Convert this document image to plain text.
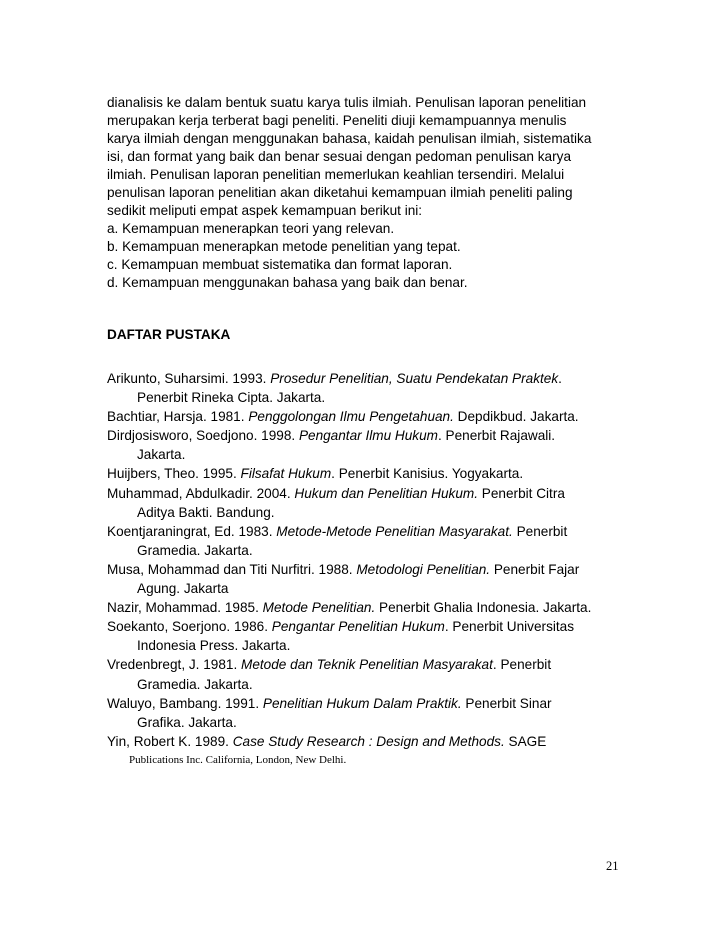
dianalisis ke dalam bentuk suatu karya tulis ilmiah. Penulisan laporan penelitian
merupakan kerja terberat bagi peneliti. Peneliti diuji kemampuannya menulis
karya ilmiah dengan menggunakan bahasa, kaidah penulisan ilmiah, sistematika
isi, dan format yang baik dan benar sesuai dengan pedoman penulisan karya
ilmiah. Penulisan laporan penelitian memerlukan keahlian tersendiri. Melalui
penulisan laporan penelitian akan diketahui kemampuan ilmiah peneliti paling
sedikit meliputi empat aspek kemampuan berikut ini:
a. Kemampuan menerapkan teori yang relevan.
b. Kemampuan menerapkan metode penelitian yang tepat.
c. Kemampuan membuat sistematika dan format laporan.
d. Kemampuan menggunakan bahasa yang baik dan benar.
DAFTAR PUSTAKA
Arikunto, Suharsimi. 1993. Prosedur Penelitian, Suatu Pendekatan Praktek.
Penerbit Rineka Cipta. Jakarta.
Bachtiar, Harsja. 1981. Penggolongan Ilmu Pengetahuan. Depdikbud. Jakarta.
Dirdjosisworo, Soedjono. 1998. Pengantar Ilmu Hukum. Penerbit Rajawali.
Jakarta.
Huijbers, Theo. 1995. Filsafat Hukum. Penerbit Kanisius. Yogyakarta.
Muhammad, Abdulkadir. 2004. Hukum dan Penelitian Hukum. Penerbit Citra
Aditya Bakti. Bandung.
Koentjaraningrat, Ed. 1983. Metode-Metode Penelitian Masyarakat. Penerbit
Gramedia. Jakarta.
Musa, Mohammad dan Titi Nurfitri. 1988. Metodologi Penelitian. Penerbit Fajar
Agung. Jakarta
Nazir, Mohammad. 1985. Metode Penelitian. Penerbit Ghalia Indonesia. Jakarta.
Soekanto, Soerjono. 1986. Pengantar Penelitian Hukum. Penerbit Universitas
Indonesia Press. Jakarta.
Vredenbregt, J. 1981. Metode dan Teknik Penelitian Masyarakat. Penerbit
Gramedia. Jakarta.
Waluyo, Bambang. 1991. Penelitian Hukum Dalam Praktik. Penerbit Sinar
Grafika. Jakarta.
Yin, Robert K. 1989. Case Study Research : Design and Methods. SAGE
Publications Inc. California, London, New Delhi.
21
